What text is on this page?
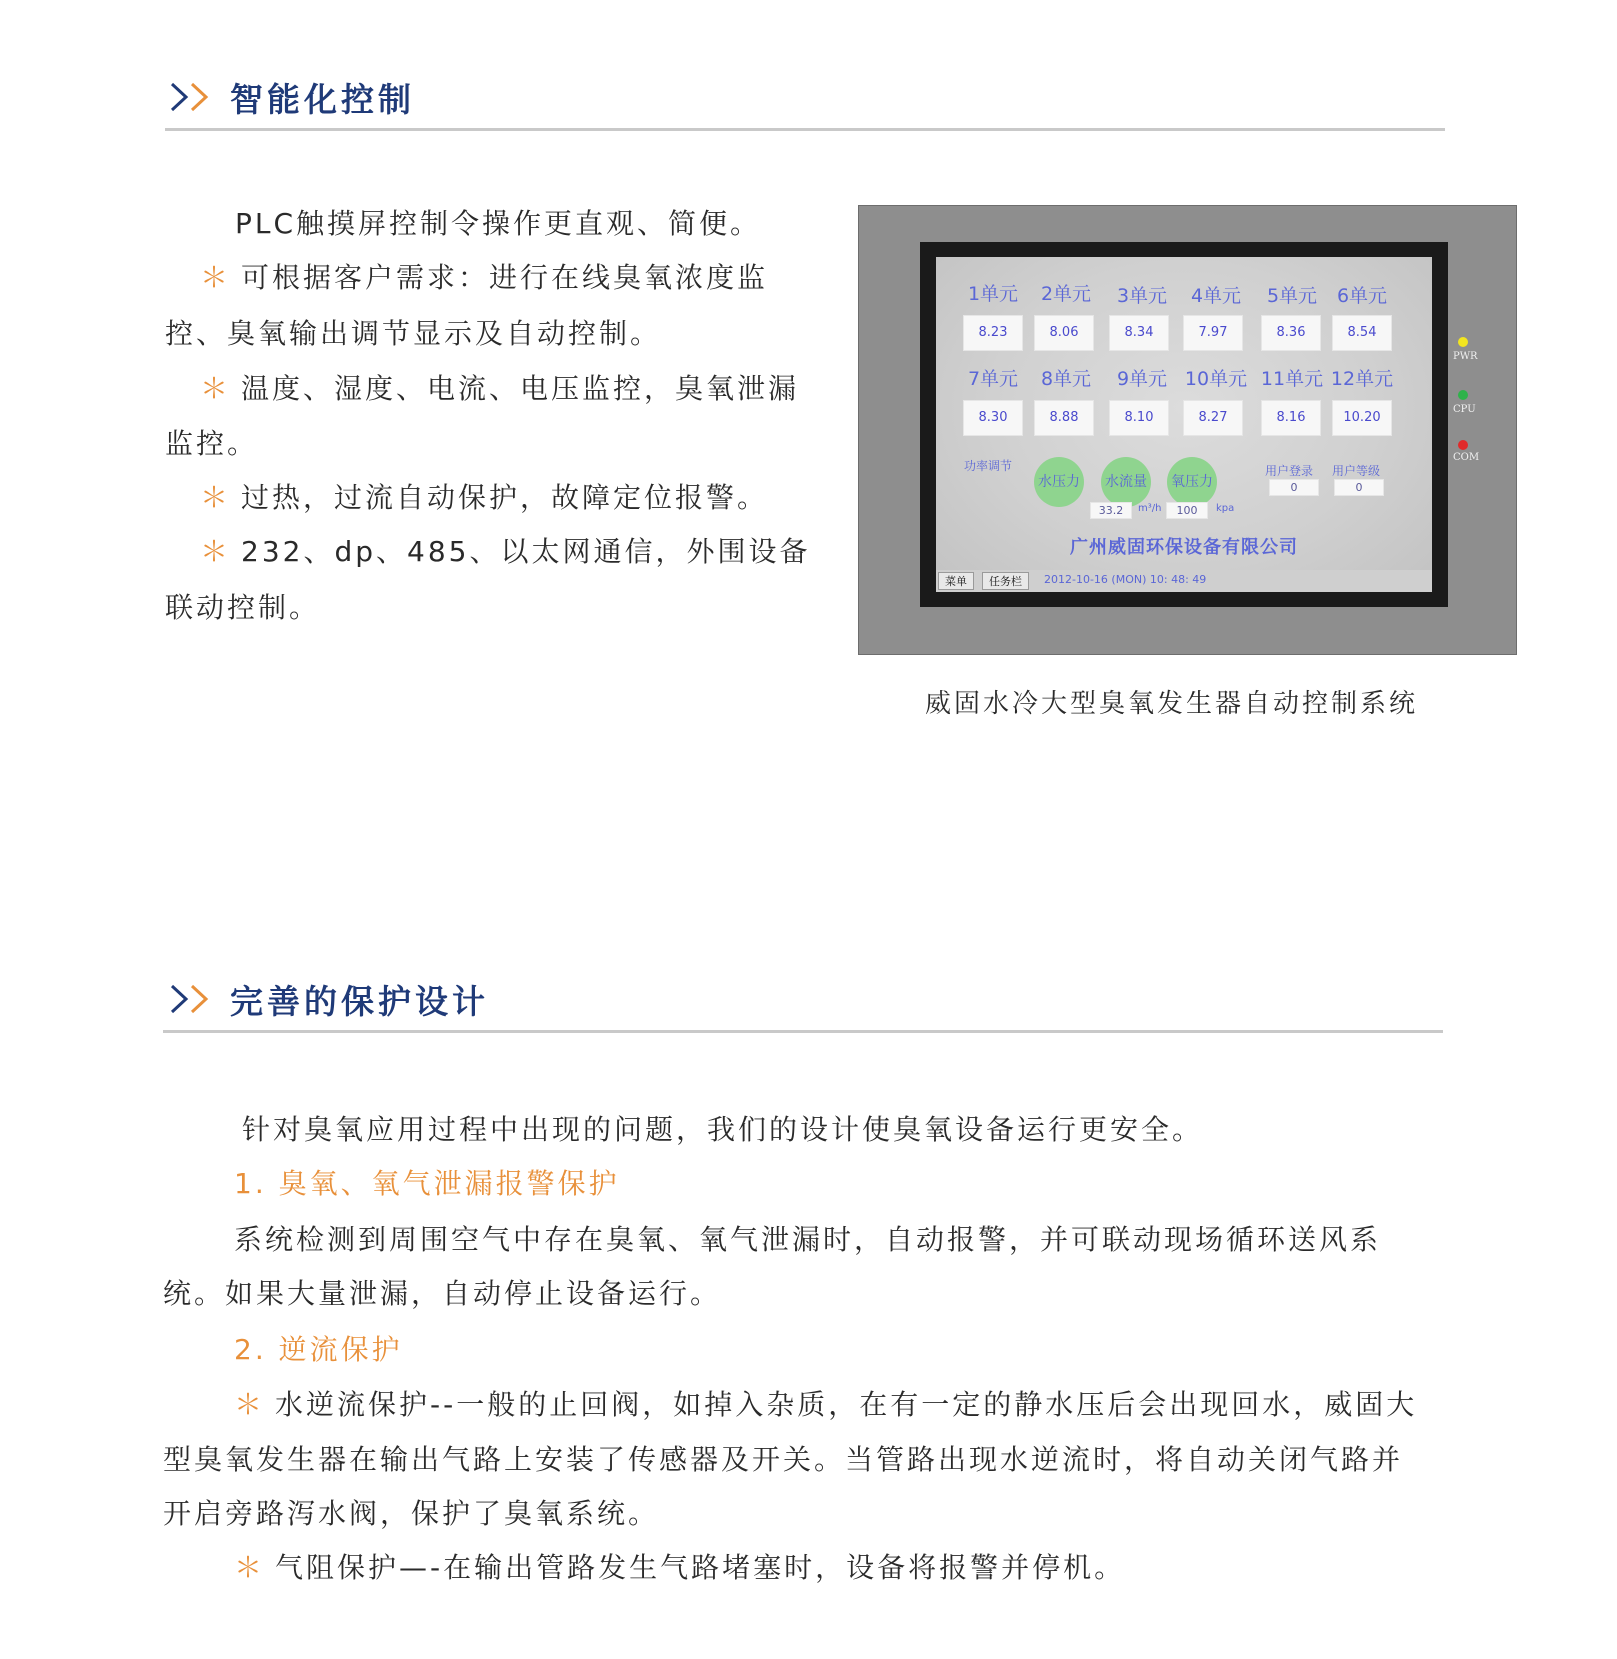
智能化控制
PLC触摸屏控制令操作更直观、简便。
＊ 可根据客户需求：进行在线臭氧浓度监
控、臭氧输出调节显示及自动控制。
＊ 温度、湿度、电流、电压监控，臭氧泄漏
监控。
＊ 过热，过流自动保护，故障定位报警。
＊ 232、dp、485、以太网通信，外围设备
联动控制。
1单元	2单元	3单元	4单元	5单元	6单元
8.23	8.06	8.34	7.97	8.36	8.54
7单元	8单元	9单元 10单元 11单元 12单元
8.30	8.88	8.10	8.27	8.16	10.20
功率调节
水压力 水流量 氧压力
33.2	m³/h	100	kpa
用户登录
0
用户等级
0
广州威固环保设备有限公司
菜单	任务栏	2012-10-16 (MON) 10: 48: 49
PWR
CPU
COM
威固水冷大型臭氧发生器自动控制系统
完善的保护设计
针对臭氧应用过程中出现的问题，我们的设计使臭氧设备运行更安全。
1. 臭氧、氧气泄漏报警保护
系统检测到周围空气中存在臭氧、氧气泄漏时，自动报警，并可联动现场循环送风系
统。如果大量泄漏，自动停止设备运行。
2. 逆流保护
＊ 水逆流保护--一般的止回阀，如掉入杂质，在有一定的静水压后会出现回水，威固大
型臭氧发生器在输出气路上安装了传感器及开关。当管路出现水逆流时，将自动关闭气路并
开启旁路泻水阀，保护了臭氧系统。
＊ 气阻保护—-在输出管路发生气路堵塞时，设备将报警并停机。
